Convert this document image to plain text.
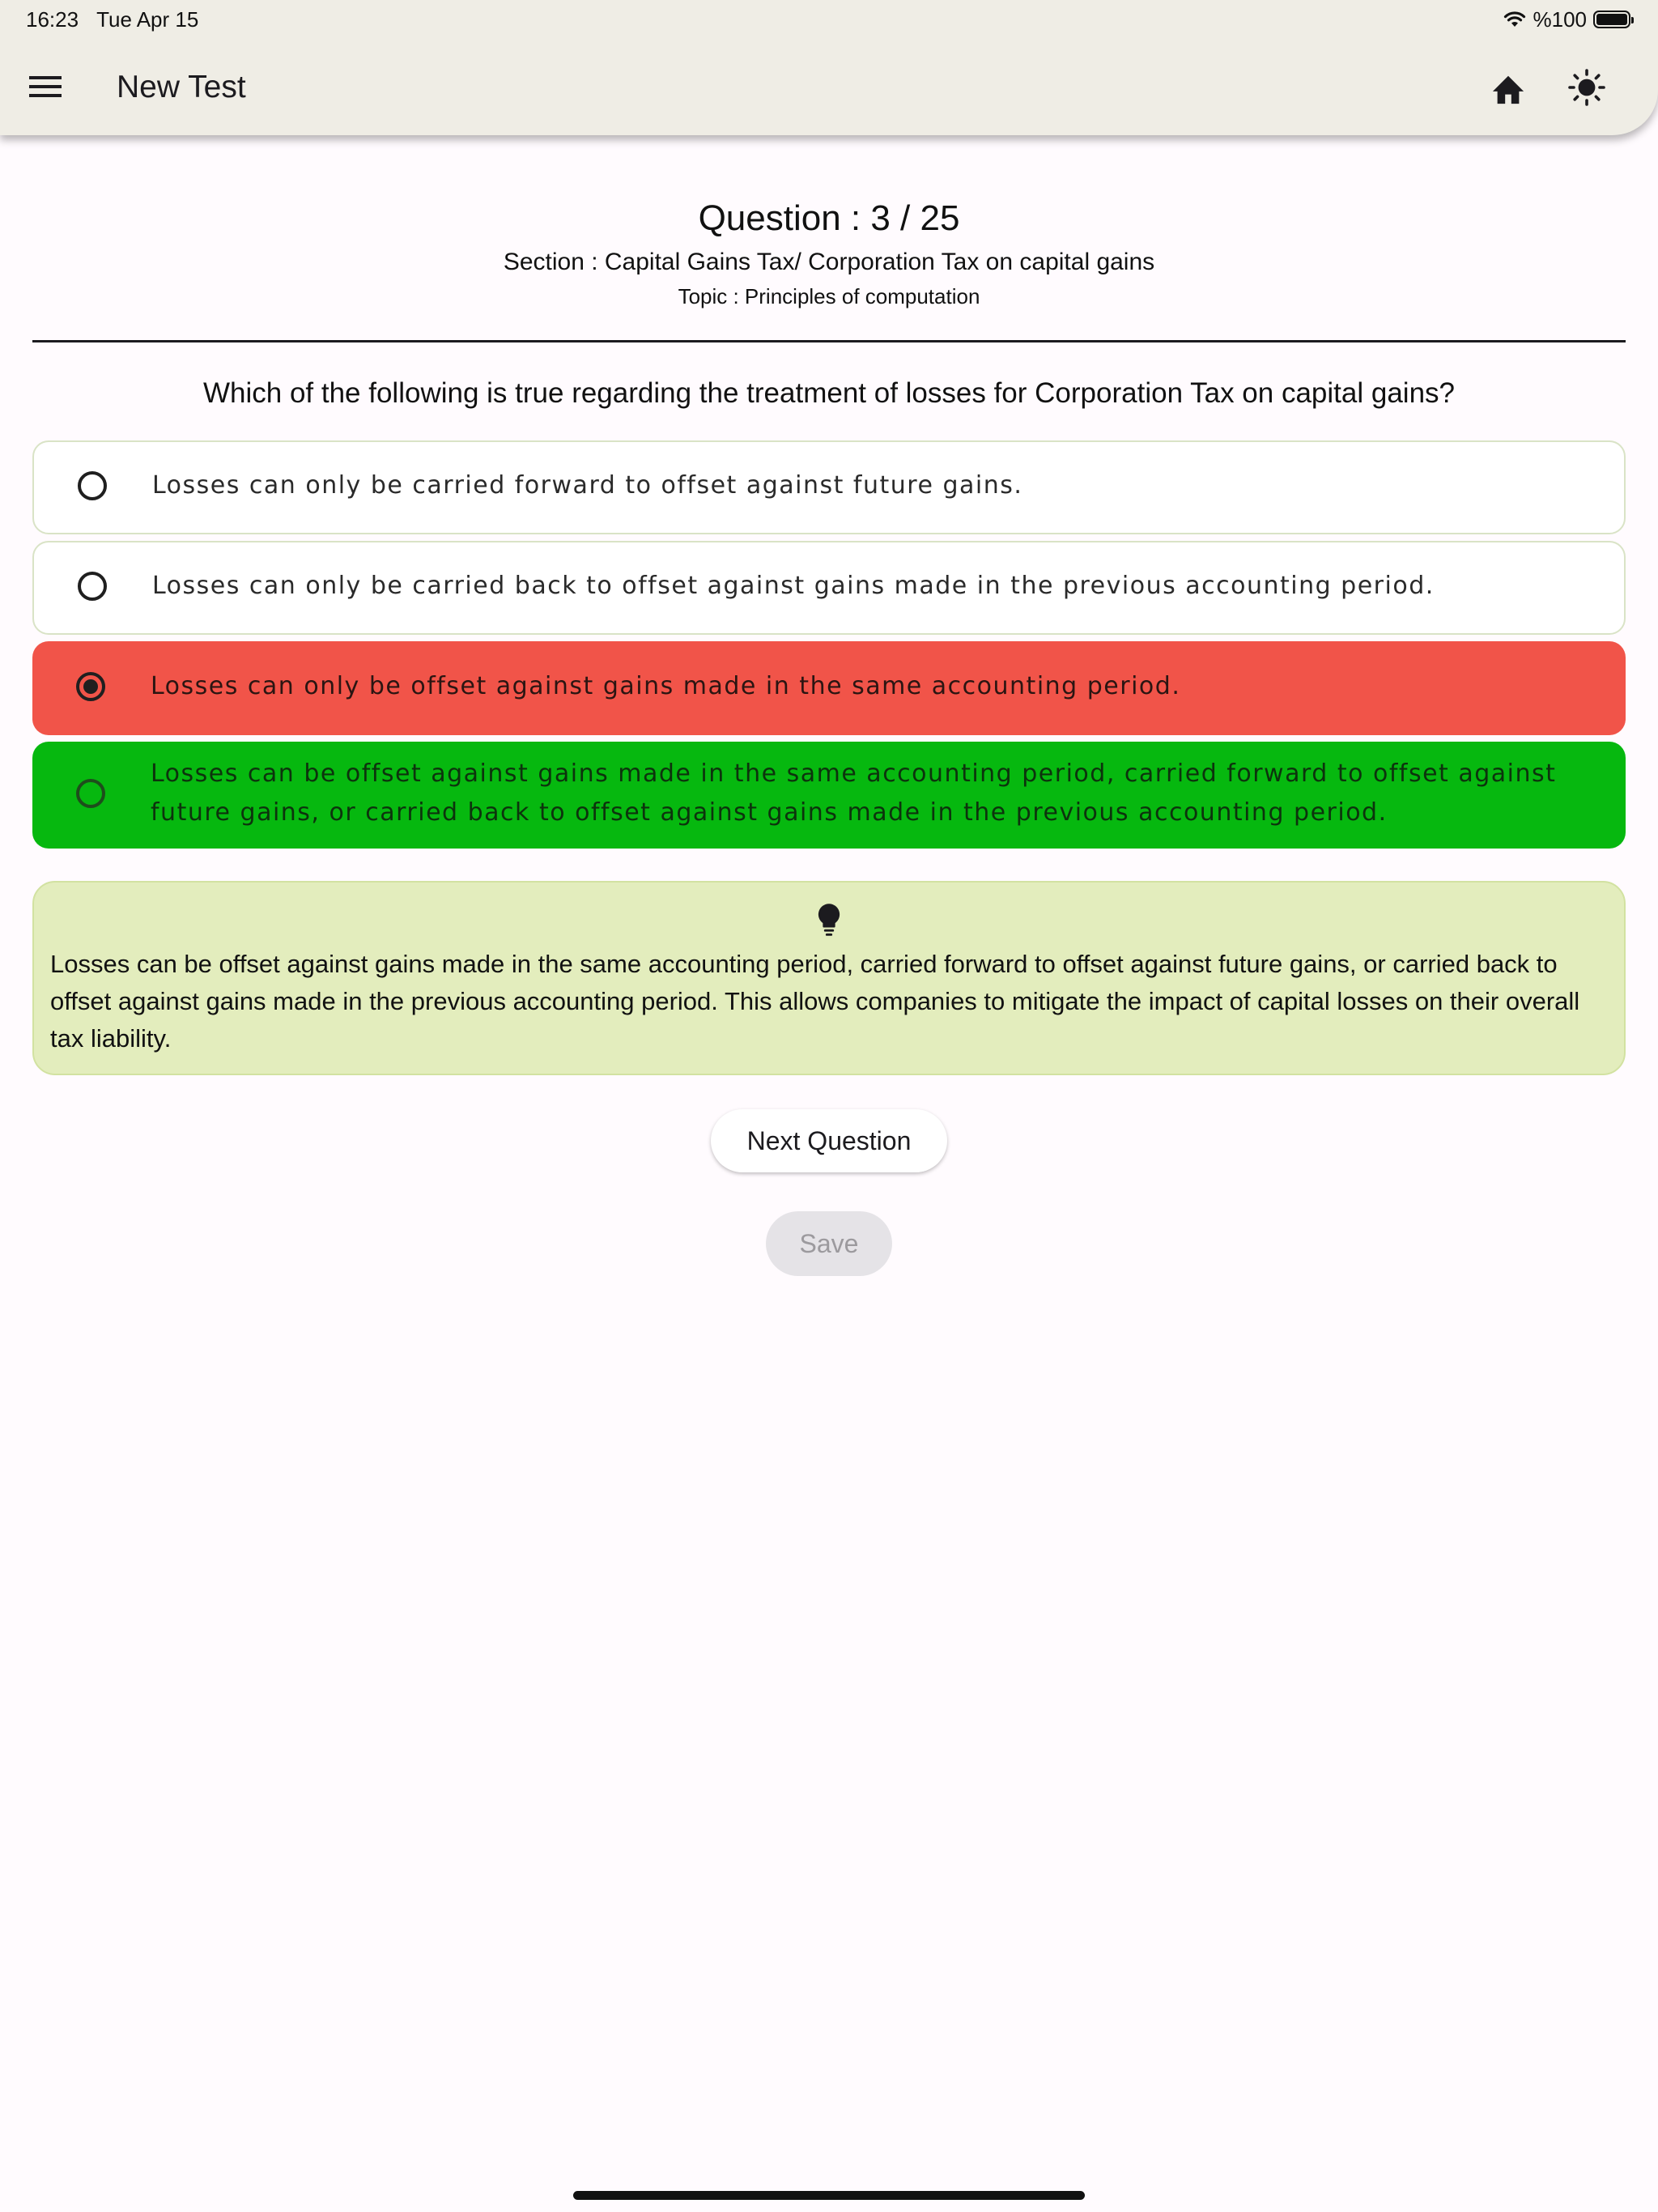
16:23 Tue Apr 15	%100
New Test
Question : 3 / 25
Section : Capital Gains Tax/ Corporation Tax on capital gains
Topic : Principles of computation
Which of the following is true regarding the treatment of losses for Corporation Tax on capital gains?
Losses can only be carried forward to offset against future gains.
Losses can only be carried back to offset against gains made in the previous accounting period.
Losses can only be offset against gains made in the same accounting period.
Losses can be offset against gains made in the same accounting period, carried forward to offset against future gains, or carried back to offset against gains made in the previous accounting period.
Losses can be offset against gains made in the same accounting period, carried forward to offset against future gains, or carried back to offset against gains made in the previous accounting period. This allows companies to mitigate the impact of capital losses on their overall tax liability.
Next Question
Save
